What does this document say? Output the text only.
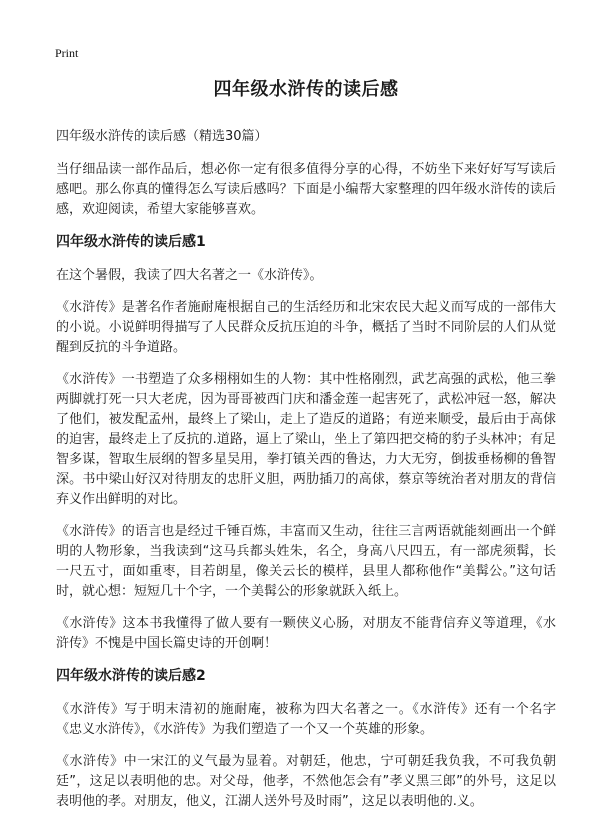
Print
四年级水浒传的读后感
四年级水浒传的读后感（精选30篇）

当仔细品读一部作品后，想必你一定有很多值得分享的心得，不妨坐下来好好写写读后感吧。那么你真的懂得怎么写读后感吗？下面是小编帮大家整理的四年级水浒传的读后感，欢迎阅读，希望大家能够喜欢。

四年级水浒传的读后感1

在这个暑假，我读了四大名著之一《水浒传》。

《水浒传》是著名作者施耐庵根据自己的生活经历和北宋农民大起义而写成的一部伟大的小说。小说鲜明得描写了人民群众反抗压迫的斗争，概括了当时不同阶层的人们从觉醒到反抗的斗争道路。

《水浒传》一书塑造了众多栩栩如生的人物：其中性格刚烈，武艺高强的武松，他三拳两脚就打死一只大老虎，因为哥哥被西门庆和潘金莲一起害死了，武松冲冠一怒，解决了他们，被发配孟州，最终上了梁山，走上了造反的道路；有逆来顺受，最后由于高俅的迫害，最终走上了反抗的.道路，逼上了梁山，坐上了第四把交椅的豹子头林冲；有足智多谋，智取生辰纲的智多星吴用，拳打镇关西的鲁达，力大无穷，倒拔垂杨柳的鲁智深。书中梁山好汉对待朋友的忠肝义胆，两肋插刀的高俅，蔡京等统治者对朋友的背信弃义作出鲜明的对比。

《水浒传》的语言也是经过千锤百炼，丰富而又生动，往往三言两语就能刻画出一个鲜明的人物形象，当我读到“这马兵都头姓朱，名仝，身高八尺四五，有一部虎须髯，长一尺五寸，面如重枣，目若朗星，像关云长的模样，县里人都称他作“美髯公。”这句话时，就心想：短短几十个字，一个美髯公的形象就跃入纸上。

《水浒传》这本书我懂得了做人要有一颗侠义心肠，对朋友不能背信弃义等道理，《水浒传》不愧是中国长篇史诗的开创啊！

四年级水浒传的读后感2

《水浒传》写于明末清初的施耐庵，被称为四大名著之一。《水浒传》还有一个名字《忠义水浒传》，《水浒传》为我们塑造了一个又一个英雄的形象。

《水浒传》中一宋江的义气最为显着。对朝廷，他忠，宁可朝廷我负我，不可我负朝廷”，这足以表明他的忠。对父母，他孝，不然他怎会有”孝义黑三郎”的外号，这足以表明他的孝。对朋友，他义，江湖人送外号及时雨”，这足以表明他的.义。
